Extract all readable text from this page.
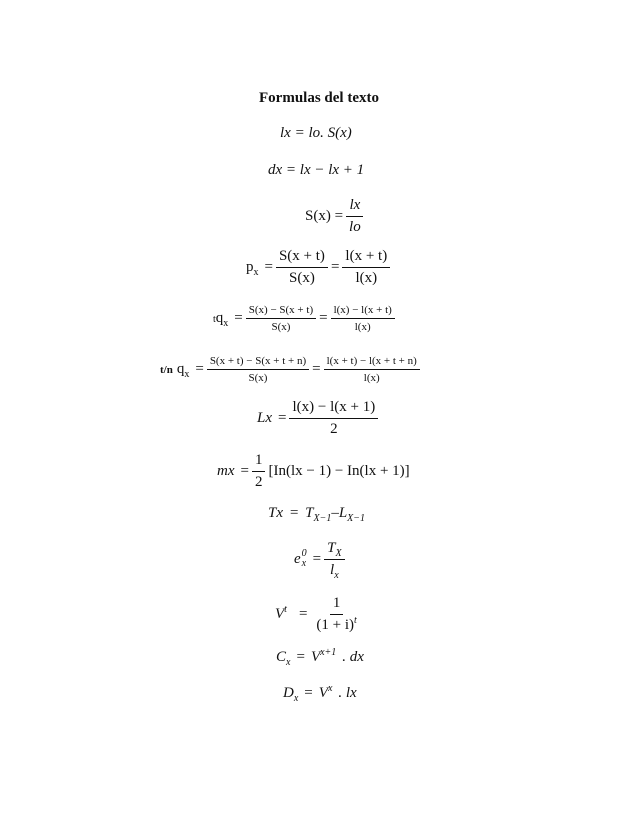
Formulas del texto
lx = lo. S(x)
dx = lx − lx + 1
$S(x) = \frac{lx}{lo}$
$p_x = \frac{S(x + t)}{S(x)} = \frac{l(x + t)}{l(x)}$
$tq_x = \frac{S(x) - S(x + t)}{S(x)} = \frac{l(x) - l(x + t)}{l(x)}$
t/n $q_x = \frac{S(x + t) - S(x + t + n)}{S(x)} = \frac{l(x + t) - l(x + t + n)}{l(x)}$
$Lx = \frac{l(x) - l(x + 1)}{2}$
mx = $\frac{1}{2} [In(lx - 1) - In(lx + 1)]$
$Tx = T_{X-1} - L_{X-1}$
e 0
$x = \frac{T_X}{l_x}$
$V^t = \frac{1}{(1 + i)^t}$
$C_x = V^{x+1}$ . dx
$D_x = V^x$ . lx
